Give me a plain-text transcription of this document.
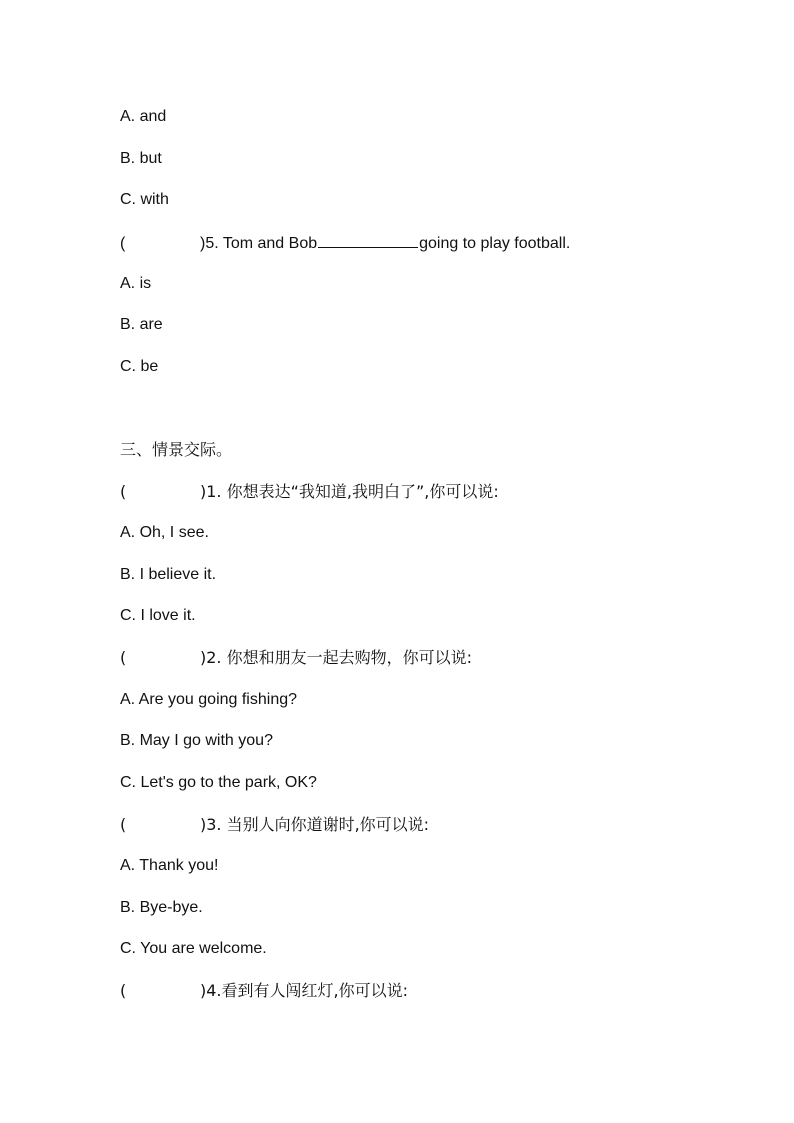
A. and
B. but
C. with
(	)5. Tom and Bob	going to play football.
A. is
B. are
C. be
三、情景交际。
(	)1. 你想表达“我知道,我明白了”,你可以说:
A. Oh, I see.
B. I believe it.
C. I love it.
(	)2. 你想和朋友一起去购物，你可以说:
A. Are you going fishing?
B. May I go with you?
C. Let's go to the park, OK?
(	)3. 当别人向你道谢时,你可以说:
A. Thank you!
B. Bye-bye.
C. You are welcome.
(	)4.看到有人闯红灯,你可以说:
